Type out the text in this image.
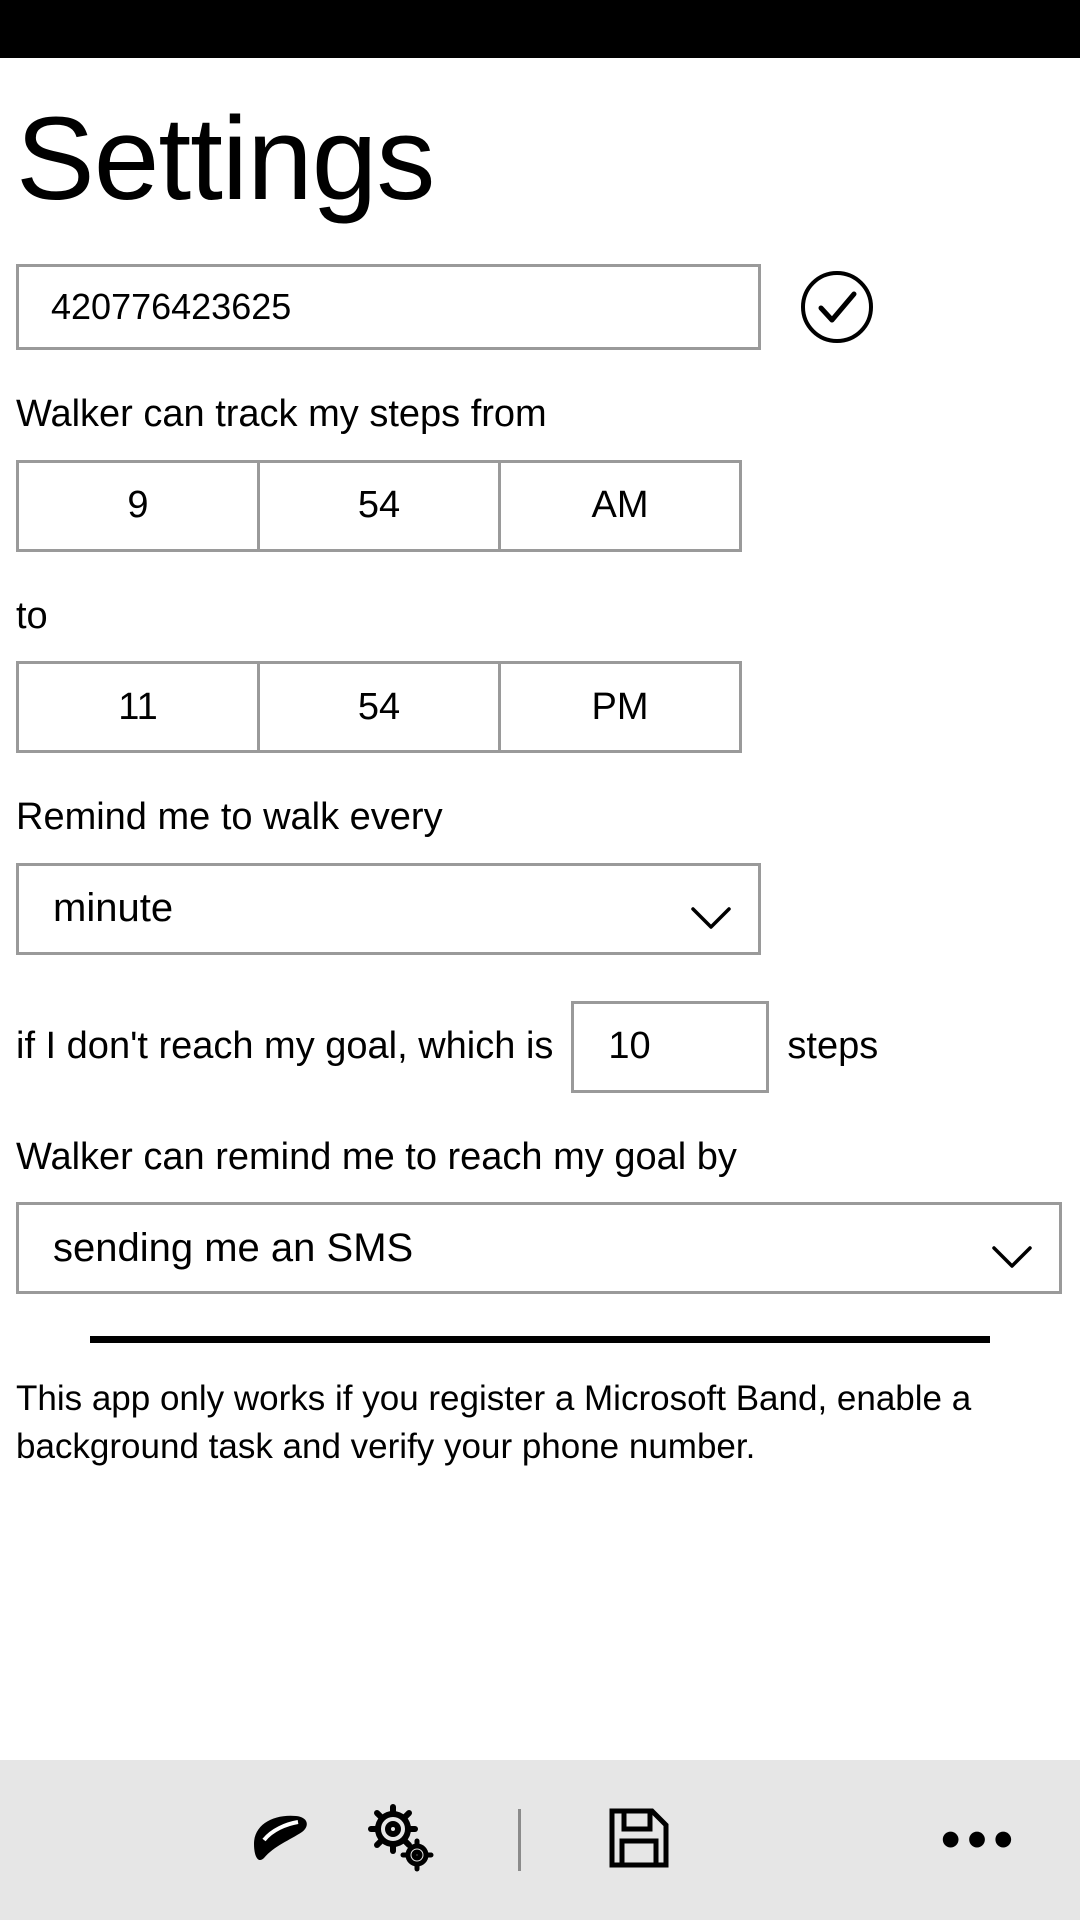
Settings
420776423625
Walker can track my steps from
9	54	AM
to
11	54	PM
Remind me to walk every
minute
if I don't reach my goal, which is
10	steps
Walker can remind me to reach my goal by
sending me an SMS
This app only works if you register a Microsoft Band, enable a background task and verify your phone number.
•••
